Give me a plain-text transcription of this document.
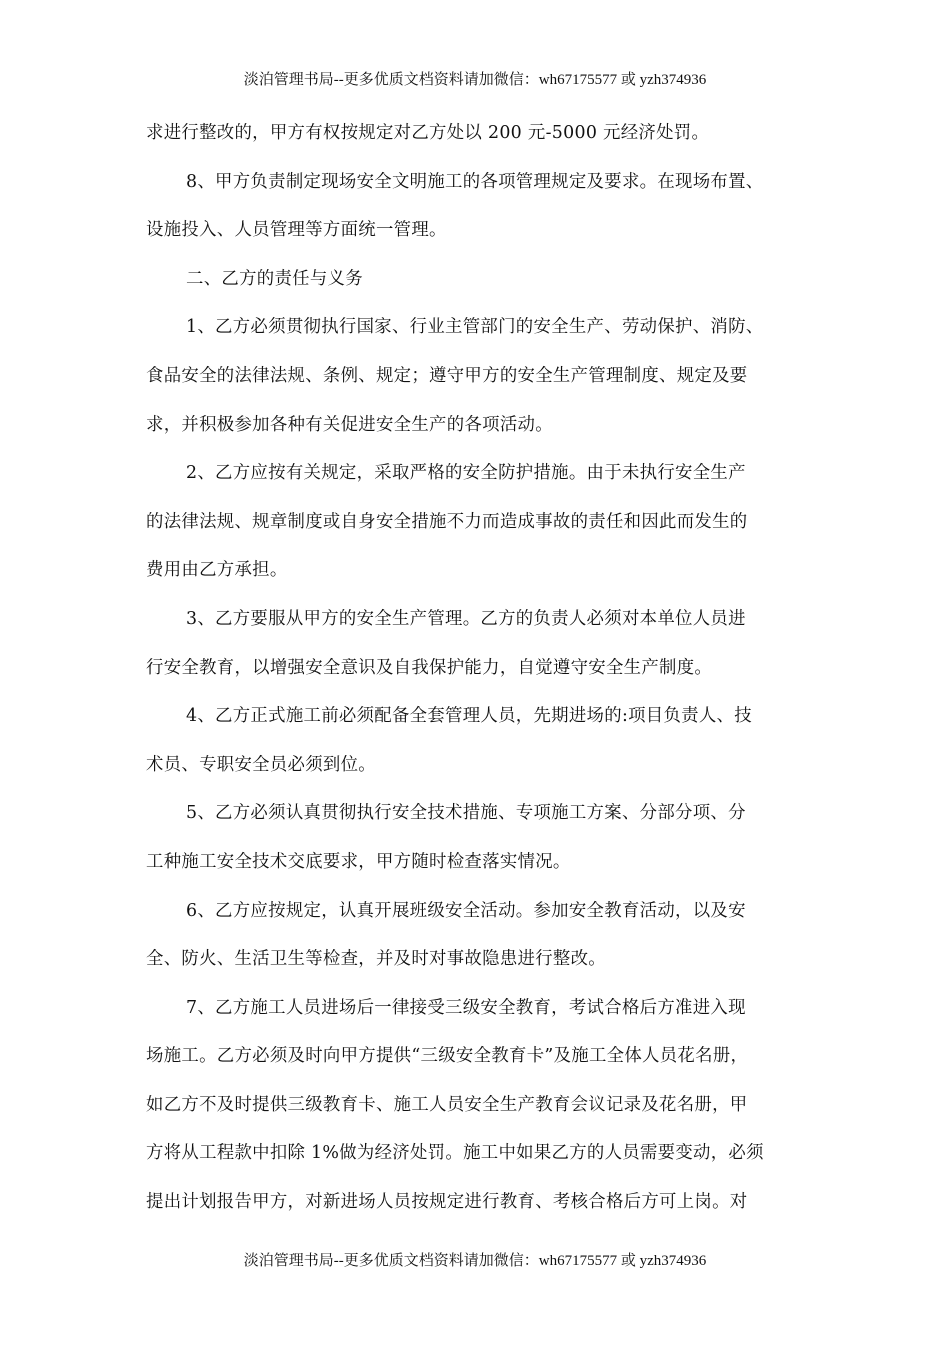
淡泊管理书局--更多优质文档资料请加微信：wh67175577 或 yzh374936
求进行整改的，甲方有权按规定对乙方处以 200 元-5000 元经济处罚。
8、甲方负责制定现场安全文明施工的各项管理规定及要求。在现场布置、
设施投入、人员管理等方面统一管理。
二、乙方的责任与义务
1、乙方必须贯彻执行国家、行业主管部门的安全生产、劳动保护、消防、
食品安全的法律法规、条例、规定；遵守甲方的安全生产管理制度、规定及要
求，并积极参加各种有关促进安全生产的各项活动。
2、乙方应按有关规定，采取严格的安全防护措施。由于未执行安全生产
的法律法规、规章制度或自身安全措施不力而造成事故的责任和因此而发生的
费用由乙方承担。
3、乙方要服从甲方的安全生产管理。乙方的负责人必须对本单位人员进
行安全教育，以增强安全意识及自我保护能力，自觉遵守安全生产制度。
4、乙方正式施工前必须配备全套管理人员，先期进场的:项目负责人、技
术员、专职安全员必须到位。
5、乙方必须认真贯彻执行安全技术措施、专项施工方案、分部分项、分
工种施工安全技术交底要求，甲方随时检查落实情况。
6、乙方应按规定，认真开展班级安全活动。参加安全教育活动，以及安
全、防火、生活卫生等检查，并及时对事故隐患进行整改。
7、乙方施工人员进场后一律接受三级安全教育，考试合格后方准进入现
场施工。乙方必须及时向甲方提供“三级安全教育卡”及施工全体人员花名册，
如乙方不及时提供三级教育卡、施工人员安全生产教育会议记录及花名册，甲
方将从工程款中扣除 1%做为经济处罚。施工中如果乙方的人员需要变动，必须
提出计划报告甲方，对新进场人员按规定进行教育、考核合格后方可上岗。对
淡泊管理书局--更多优质文档资料请加微信：wh67175577 或 yzh374936
